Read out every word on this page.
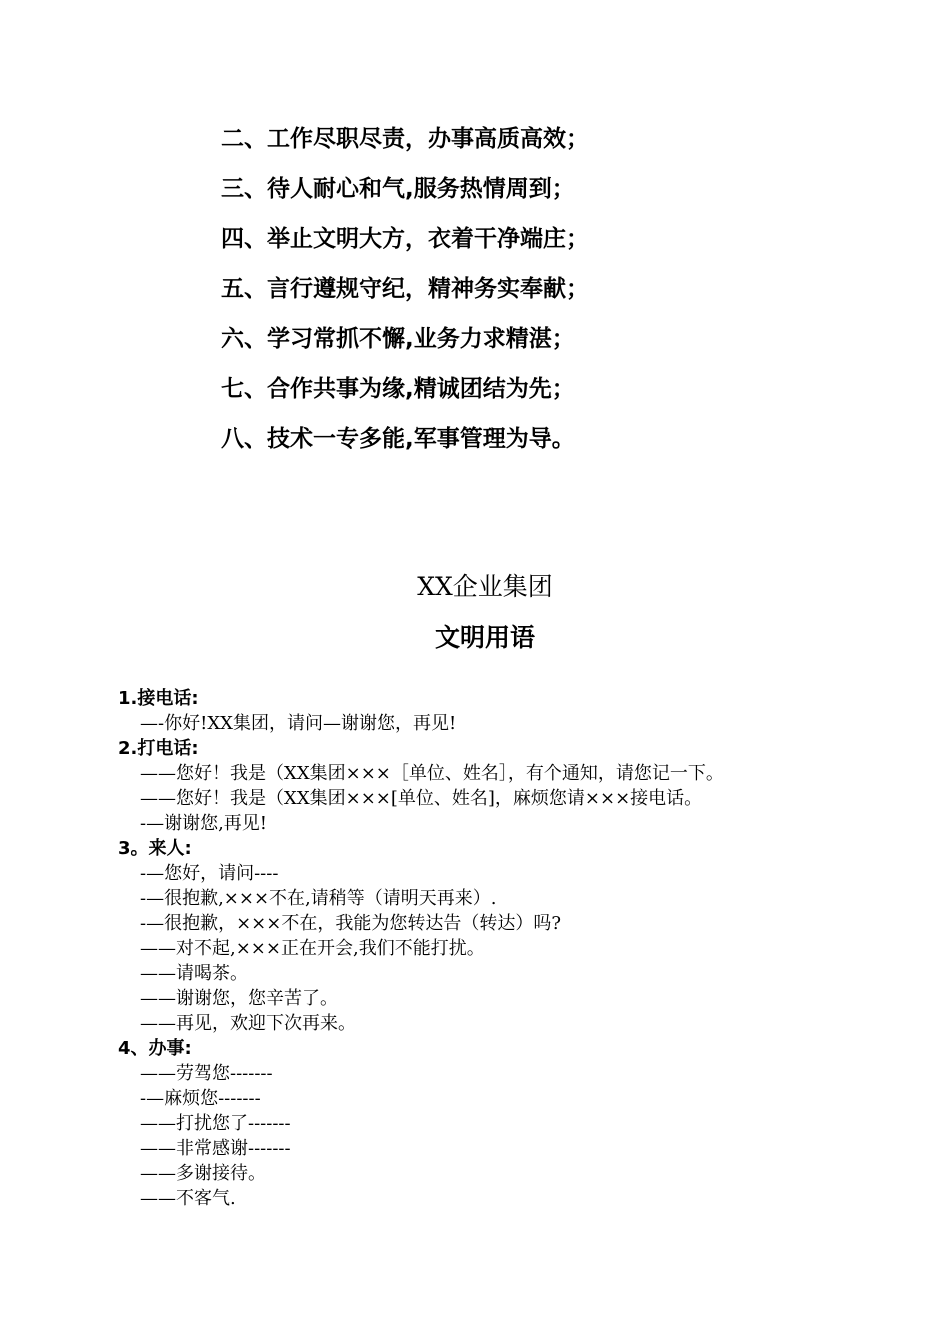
二、工作尽职尽责，办事高质高效；
三、待人耐心和气,服务热情周到；
四、举止文明大方，衣着干净端庄；
五、言行遵规守纪，精神务实奉献；
六、学习常抓不懈,业务力求精湛；
七、合作共事为缘,精诚团结为先；
八、技术一专多能,军事管理为导。
XX企业集团
文明用语
1.接电话:
—-你好!XX集团，请问—谢谢您，再见!
2.打电话:
——您好！我是（XX集团×××［单位、姓名］，有个通知，请您记一下。
——您好！我是（XX集团×××[单位、姓名]，麻烦您请×××接电话。
-—谢谢您,再见!
3。来人:
-—您好，请问----
-—很抱歉,×××不在,请稍等（请明天再来）.
-—很抱歉，×××不在，我能为您转达告（转达）吗?
——对不起,×××正在开会,我们不能打扰。
——请喝茶。
——谢谢您，您辛苦了。
——再见，欢迎下次再来。
4、办事:
——劳驾您-------
-—麻烦您-------
——打扰您了-------
——非常感谢-------
——多谢接待。
——不客气.
